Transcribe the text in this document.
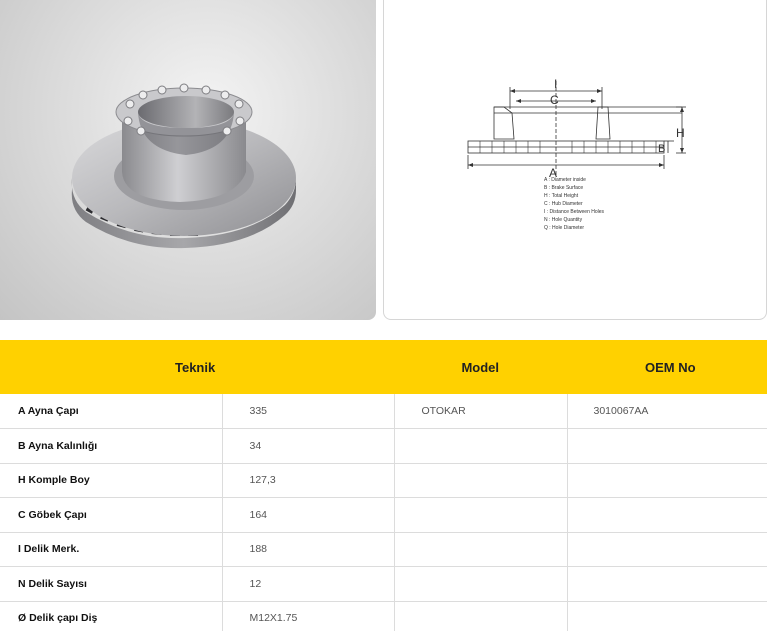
I
C
A
H
B
A : Diameter inside
B : Brake Surface
H : Total Height
C : Hub Diameter
I : Distance Between Holes
N : Hole Quantity
Q : Hole Diameter
Teknik		Model	OEM No
A Ayna Çapı	335	OTOKAR	3010067AA
B Ayna Kalınlığı	34		
H Komple Boy	127,3		
C Göbek Çapı	164		
I Delik Merk.	188		
N Delik Sayısı	12		
Ø Delik çapı Diş	M12X1.75		
